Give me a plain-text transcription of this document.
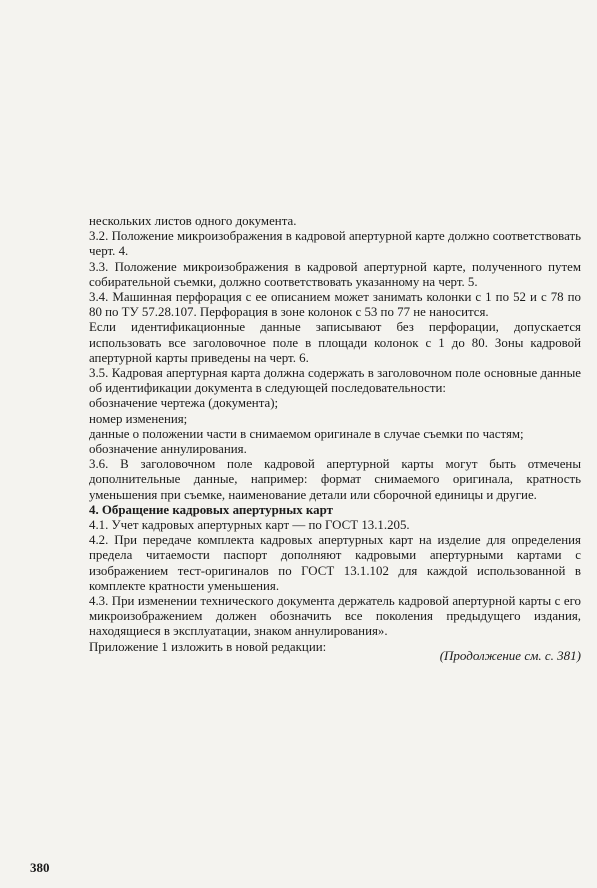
нескольких листов одного документа.

3.2. Положение микроизображения в кадровой апертурной карте должно соответствовать черт. 4.

3.3. Положение микроизображения в кадровой апертурной карте, полученного путем собирательной съемки, должно соответствовать указанному на черт. 5.

3.4. Машинная перфорация с ее описанием может занимать колонки с 1 по 52 и с 78 по 80 по ТУ 57.28.107. Перфорация в зоне колонок с 53 по 77 не наносится.

Если идентификационные данные записывают без перфорации, допускается использовать все заголовочное поле в площади колонок с 1 до 80. Зоны кадровой апертурной карты приведены на черт. 6.

3.5. Кадровая апертурная карта должна содержать в заголовочном поле основные данные об идентификации документа в следующей последовательности:

обозначение чертежа (документа);

номер изменения;

данные о положении части в снимаемом оригинале в случае съемки по частям;

обозначение аннулирования.

3.6. В заголовочном поле кадровой апертурной карты могут быть отмечены дополнительные данные, например: формат снимаемого оригинала, кратность уменьшения при съемке, наименование детали или сборочной единицы и другие.

4. Обращение кадровых апертурных карт

4.1. Учет кадровых апертурных карт — по ГОСТ 13.1.205.

4.2. При передаче комплекта кадровых апертурных карт на изделие для определения предела читаемости паспорт дополняют кадровыми апертурными картами с изображением тест-оригиналов по ГОСТ 13.1.102 для каждой использованной в комплекте кратности уменьшения.

4.3. При изменении технического документа держатель кадровой апертурной карты с его микроизображением должен обозначить все поколения предыдущего издания, находящиеся в эксплуатации, знаком аннулирования».

Приложение 1 изложить в новой редакции:

(Продолжение см. с. 381)
380
